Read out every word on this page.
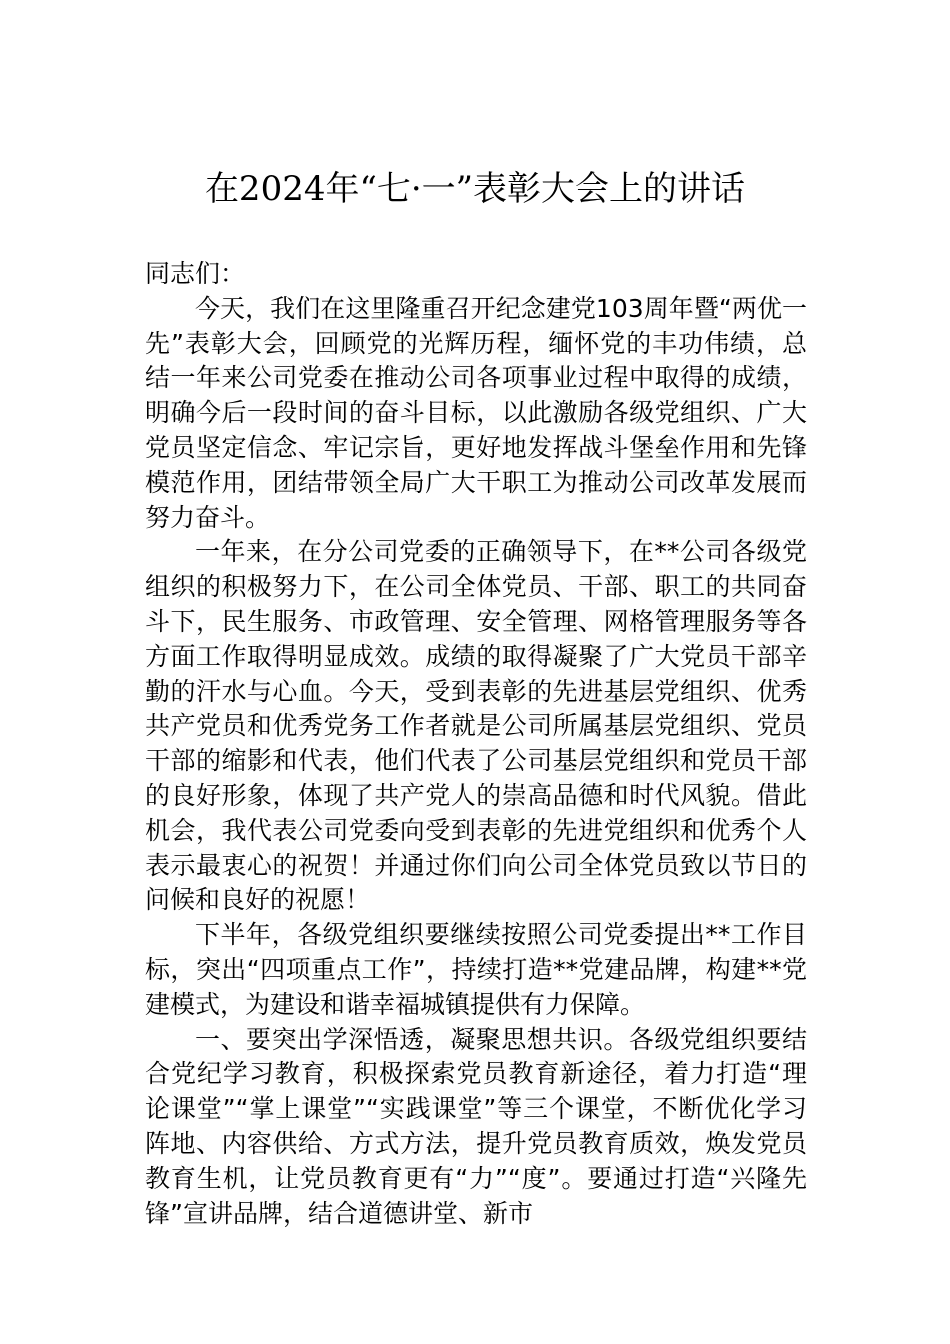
在2024年“七·一”表彰大会上的讲话

同志们：

今天，我们在这里隆重召开纪念建党103周年暨“两优一先”表彰大会，回顾党的光辉历程，缅怀党的丰功伟绩，总结一年来公司党委在推动公司各项事业过程中取得的成绩，明确今后一段时间的奋斗目标，以此激励各级党组织、广大党员坚定信念、牢记宗旨，更好地发挥战斗堡垒作用和先锋模范作用，团结带领全局广大干职工为推动公司改革发展而努力奋斗。

一年来，在分公司党委的正确领导下，在**公司各级党组织的积极努力下，在公司全体党员、干部、职工的共同奋斗下，民生服务、市政管理、安全管理、网格管理服务等各方面工作取得明显成效。成绩的取得凝聚了广大党员干部辛勤的汗水与心血。今天，受到表彰的先进基层党组织、优秀共产党员和优秀党务工作者就是公司所属基层党组织、党员干部的缩影和代表，他们代表了公司基层党组织和党员干部的良好形象，体现了共产党人的崇高品德和时代风貌。借此机会，我代表公司党委向受到表彰的先进党组织和优秀个人表示最衷心的祝贺！并通过你们向公司全体党员致以节日的问候和良好的祝愿！

下半年，各级党组织要继续按照公司党委提出**工作目标，突出“四项重点工作”，持续打造**党建品牌，构建**党建模式，为建设和谐幸福城镇提供有力保障。

一、要突出学深悟透，凝聚思想共识。各级党组织要结合党纪学习教育，积极探索党员教育新途径，着力打造“理论课堂”“掌上课堂”“实践课堂”等三个课堂，不断优化学习阵地、内容供给、方式方法，提升党员教育质效，焕发党员教育生机，让党员教育更有“力”“度”。要通过打造“兴隆先锋”宣讲品牌，结合道德讲堂、新市
